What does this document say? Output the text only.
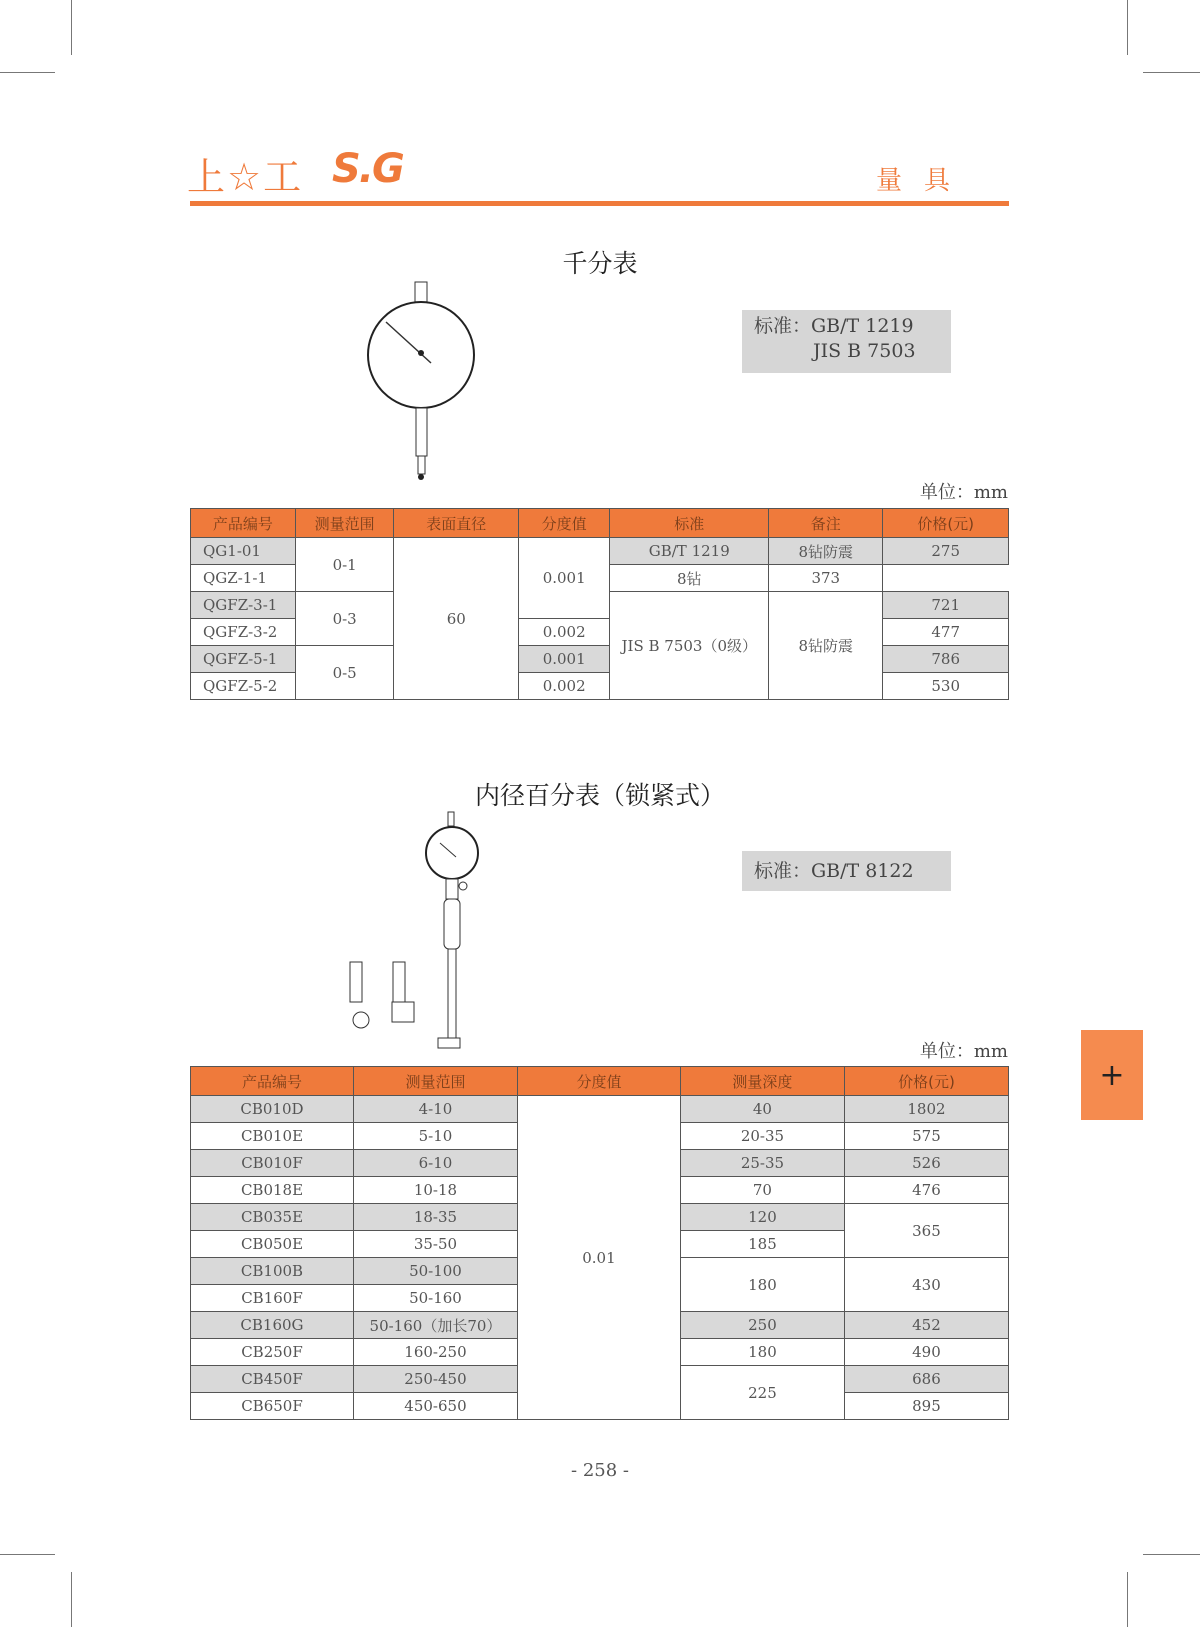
上☆工 S.G	量具
千分表
标准：GB/T 1219
JIS B 7503
单位：mm
产品编号	测量范围	表面直径	分度值	标准	备注	价格(元)
QG1-01	0-1	60	0.001	GB/T 1219	8钻防震	275
QGZ-1-1				8钻	373	
QGFZ-3-1	0-3			JIS B 7503（0级）	8钻防震	721
QGFZ-3-2			0.002			477
QGFZ-5-1	0-5		0.001			786
QGFZ-5-2			0.002			530
内径百分表（锁紧式）
标准：GB/T 8122
单位：mm
产品编号	测量范围	分度值	测量深度	价格(元)
CB010D	4-10	0.01	40	1802
CB010E	5-10		20-35	575
CB010F	6-10		25-35	526
CB018E	10-18		70	476
CB035E	18-35		120	365
CB050E	35-50		185	
CB100B	50-100		180	430
CB160F	50-160			
CB160G	50-160（加长70）		250	452
CB250F	160-250		180	490
CB450F	250-450		225	686
CB650F	450-650			895
+
- 258 -
